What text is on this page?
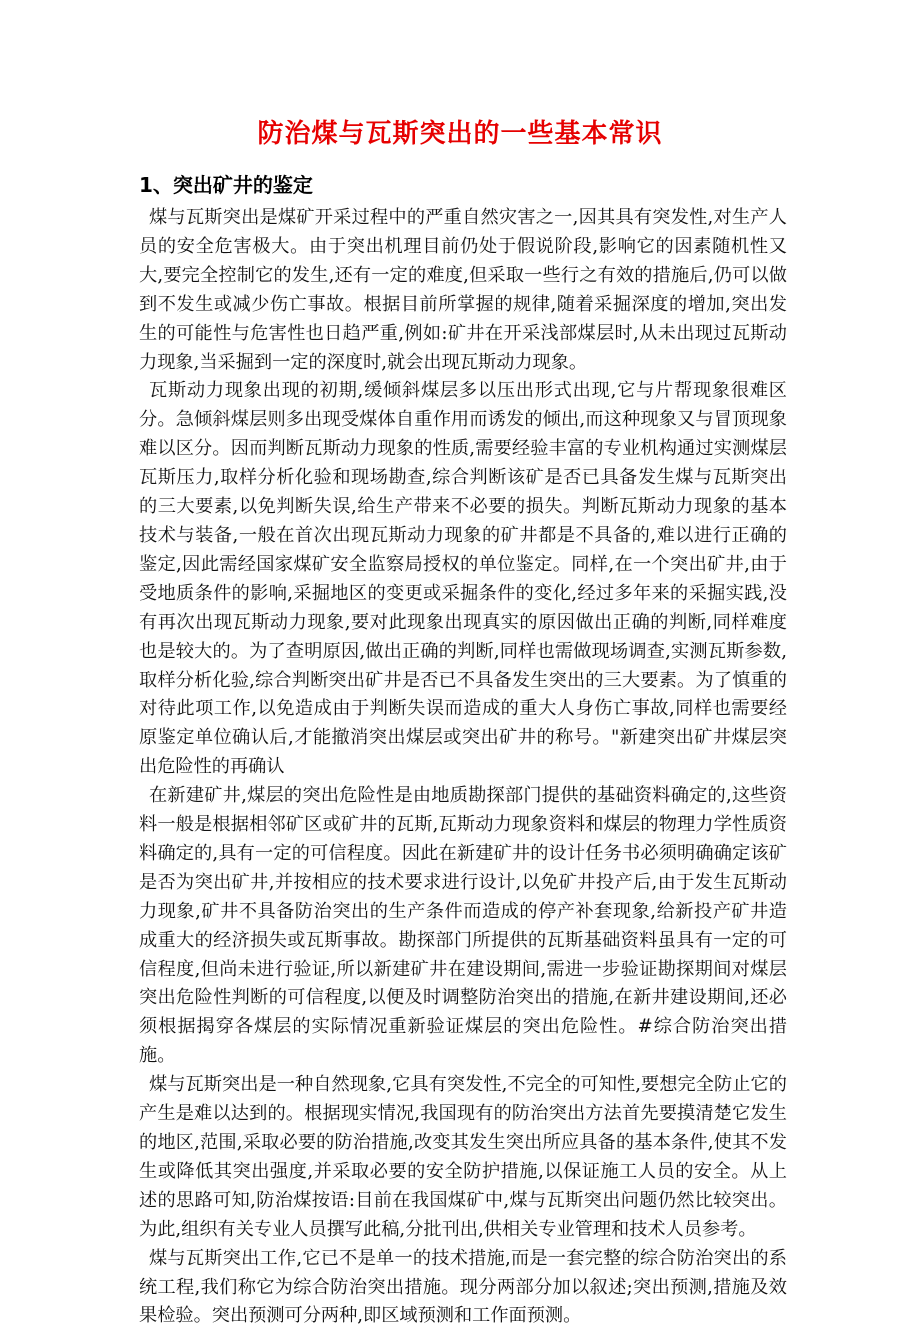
防治煤与瓦斯突出的一些基本常识
1、突出矿井的鉴定

煤与瓦斯突出是煤矿开采过程中的严重自然灾害之一,因其具有突发性,对生产人员的安全危害极大。由于突出机理目前仍处于假说阶段,影响它的因素随机性又大,要完全控制它的发生,还有一定的难度,但采取一些行之有效的措施后,仍可以做到不发生或减少伤亡事故。根据目前所掌握的规律,随着采掘深度的增加,突出发生的可能性与危害性也日趋严重,例如:矿井在开采浅部煤层时,从未出现过瓦斯动力现象,当采掘到一定的深度时,就会出现瓦斯动力现象。

瓦斯动力现象出现的初期,缓倾斜煤层多以压出形式出现,它与片帮现象很难区分。急倾斜煤层则多出现受煤体自重作用而诱发的倾出,而这种现象又与冒顶现象难以区分。因而判断瓦斯动力现象的性质,需要经验丰富的专业机构通过实测煤层瓦斯压力,取样分析化验和现场勘查,综合判断该矿是否已具备发生煤与瓦斯突出的三大要素,以免判断失误,给生产带来不必要的损失。判断瓦斯动力现象的基本技术与装备,一般在首次出现瓦斯动力现象的矿井都是不具备的,难以进行正确的鉴定,因此需经国家煤矿安全监察局授权的单位鉴定。同样,在一个突出矿井,由于受地质条件的影响,采掘地区的变更或采掘条件的变化,经过多年来的采掘实践,没有再次出现瓦斯动力现象,要对此现象出现真实的原因做出正确的判断,同样难度也是较大的。为了查明原因,做出正确的判断,同样也需做现场调查,实测瓦斯参数,取样分析化验,综合判断突出矿井是否已不具备发生突出的三大要素。为了慎重的对待此项工作,以免造成由于判断失误而造成的重大人身伤亡事故,同样也需要经原鉴定单位确认后,才能撤消突出煤层或突出矿井的称号。"新建突出矿井煤层突出危险性的再确认

在新建矿井,煤层的突出危险性是由地质勘探部门提供的基础资料确定的,这些资料一般是根据相邻矿区或矿井的瓦斯,瓦斯动力现象资料和煤层的物理力学性质资料确定的,具有一定的可信程度。因此在新建矿井的设计任务书必须明确确定该矿是否为突出矿井,并按相应的技术要求进行设计,以免矿井投产后,由于发生瓦斯动力现象,矿井不具备防治突出的生产条件而造成的停产补套现象,给新投产矿井造成重大的经济损失或瓦斯事故。勘探部门所提供的瓦斯基础资料虽具有一定的可信程度,但尚未进行验证,所以新建矿井在建设期间,需进一步验证勘探期间对煤层突出危险性判断的可信程度,以便及时调整防治突出的措施,在新井建设期间,还必须根据揭穿各煤层的实际情况重新验证煤层的突出危险性。#综合防治突出措施。

煤与瓦斯突出是一种自然现象,它具有突发性,不完全的可知性,要想完全防止它的产生是难以达到的。根据现实情况,我国现有的防治突出方法首先要摸清楚它发生的地区,范围,采取必要的防治措施,改变其发生突出所应具备的基本条件,使其不发生或降低其突出强度,并采取必要的安全防护措施,以保证施工人员的安全。从上述的思路可知,防治煤按语:目前在我国煤矿中,煤与瓦斯突出问题仍然比较突出。为此,组织有关专业人员撰写此稿,分批刊出,供相关专业管理和技术人员参考。

煤与瓦斯突出工作,它已不是单一的技术措施,而是一套完整的综合防治突出的系统工程,我们称它为综合防治突出措施。现分两部分加以叙述;突出预测,措施及效果检验。突出预测可分两种,即区域预测和工作面预测。
